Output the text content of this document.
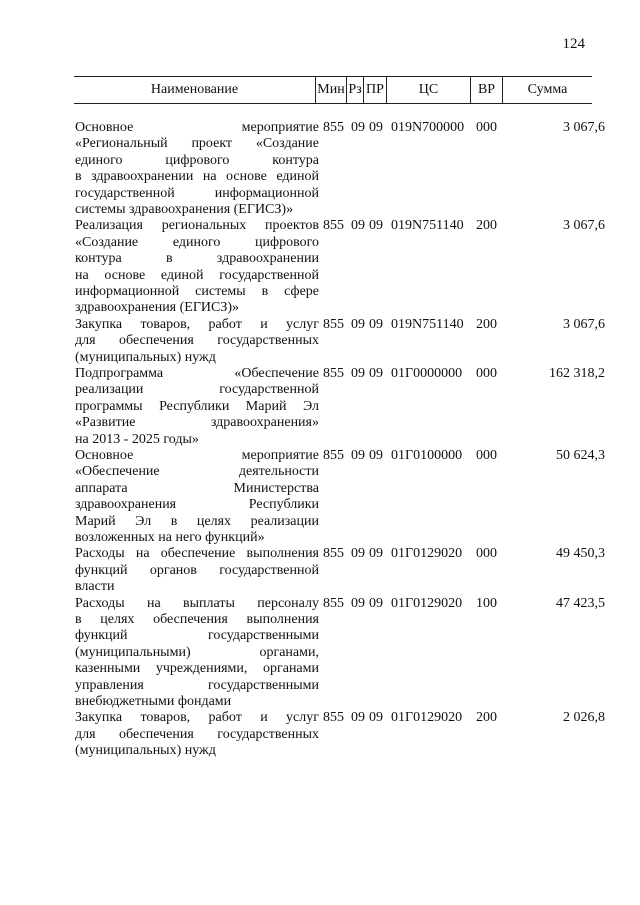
124
Наименование	Мин Рз ПР	ЦС	ВР	Сумма
Основное мероприятие
«Региональный проект «Создание
единого цифрового контура
в здравоохранении на основе единой
государственной информационной
системы здравоохранения (ЕГИСЗ)»
855 09 09 019N700000 000	3 067,6
Реализация региональных проектов
«Создание единого цифрового
контура в здравоохранении
на основе единой государственной
информационной системы в сфере
здравоохранения (ЕГИСЗ)»
855 09 09 019N751140 200	3 067,6
Закупка товаров, работ и услуг
для обеспечения государственных
(муниципальных) нужд
855 09 09 019N751140 200	3 067,6
Подпрограмма «Обеспечение
реализации государственной
программы Республики Марий Эл
«Развитие здравоохранения»
на 2013 - 2025 годы»
855 09 09 01Г0000000 000	162 318,2
Основное мероприятие
«Обеспечение деятельности
аппарата Министерства
здравоохранения Республики
Марий Эл в целях реализации
возложенных на него функций»
855 09 09 01Г0100000 000	50 624,3
Расходы на обеспечение выполнения
функций органов государственной
власти
855 09 09 01Г0129020 000	49 450,3
Расходы на выплаты персоналу
в целях обеспечения выполнения
функций государственными
(муниципальными) органами,
казенными учреждениями, органами
управления государственными
внебюджетными фондами
855 09 09 01Г0129020 100	47 423,5
Закупка товаров, работ и услуг
для обеспечения государственных
(муниципальных) нужд
855 09 09 01Г0129020 200	2 026,8
